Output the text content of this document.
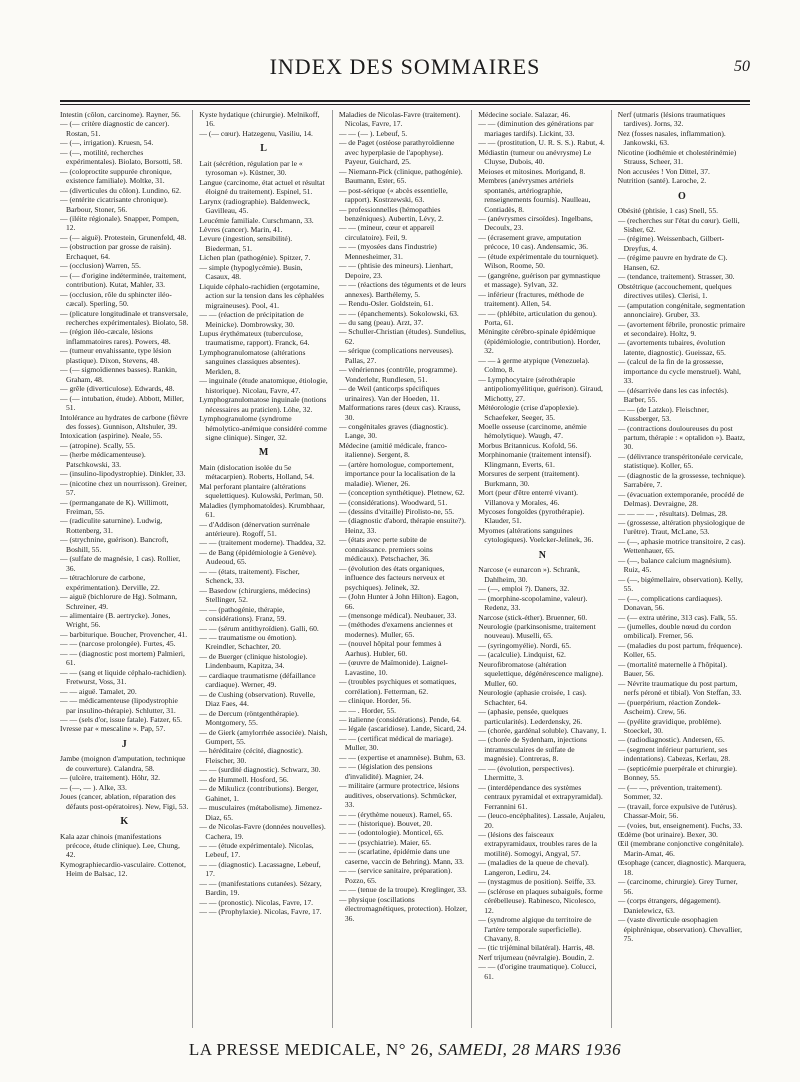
INDEX DES SOMMAIRES	50

Intestin (côlon, carcinome). Rayner, 56.

— (— critère diagnostic de cancer). Rostan, 51.

— (—, irrigation). Kruesn, 54.

— (—, motilité, recherches expérimentales). Biolato, Borsotti, 58.

— (coloproctite suppurée chronique, existence familiale). Moltke, 31.

— (diverticules du côlon). Lundino, 62.

— (entérite cicatrisante chronique). Barbour, Stoner, 56.

— (iléite régionale). Snapper, Pompen, 12.

— (— aiguë). Protestein, Grunenfeld, 48.

— (obstruction par grosse de raisin). Erchaquet, 64.

— (occlusion) Warren, 55.

— (— d'origine indéterminée, traitement, contribution). Kutat, Mahler, 33.

— (occlusion, rôle du sphincter iléo-cæcal). Sperling, 50.

— (plicature longitudinale et transversale, recherches expérimentales). Biolato, 58.

— (région iléo-cæcale, lésions inflammatoires rares). Powers, 48.

— (tumeur envahissante, type lésion plastique). Dixon, Stevens, 48.

— (— sigmoïdiennes basses). Rankin, Graham, 48.

— grêle (diverticulose). Edwards, 48.

— (— intubation, étude). Abbott, Miller, 51.

Intolérance au hydrates de carbone (fièvre des fosses). Gunnison, Altshuler, 39.

Intoxication (aspirine). Neale, 55.

— (atropine). Scally, 55.

— (herbe médicamenteuse). Patschkowski, 33.

— (insulino-lipodystrophie). Dinkler, 33.

— (nicotine chez un nourrisson). Greiner, 57.

— (permanganate de K). Willimott, Freiman, 55.

— (radiculite saturnine). Ludwig, Rottenberg, 31.

— (strychnine, guérison). Bancroft, Boshill, 55.

— (sulfate de magnésie, 1 cas). Rollier, 36.

— tétrachlorure de carbone, expérimentation). Derville, 22.

— aiguë (bichlorure de Hg). Solmann, Schreiner, 49.

— alimentaire (B. aertrycke). Jones, Wright, 56.

— barbiturique. Boucher, Provencher, 41.

— — (narcose prolongée). Furtes, 45.

— — (diagnostic post mortem) Palmieri, 61.

— — (sang et liquide céphalo-rachidien). Fretwurst, Voss, 31.

— — aiguë. Tamalet, 20.

— — médicamenteuse (lipodystrophie par insulino-thérapie). Schlutter, 31.

— — (sels d'or, issue fatale). Fatzer, 65.

Ivresse par « mescaline ». Pap, 57.

J

Jambe (moignon d'amputation, technique de couverture). Calandra, 58.

— (ulcère, traitement). Höhr, 32.

— (—, — ). Alke, 33.

Joues (cancer, ablation, réparation des défauts post-opératoires). New, Figi, 53.

K

Kala azar chinois (manifestations précoce, étude clinique). Lee, Chung, 42.

Kymographiecardio-vasculaire. Cottenot, Heim de Balsac, 12.

Kyste hydatique (chirurgie). Melnikoff, 16.

— (— cœur). Hatzegenu, Vasiliu, 14.

L

Lait (sécrétion, régulation par le « tyrosoman »). Küstner, 30.

Langue (carcinome, état actuel et résultat éloigné du traitement). Espinel, 51.

Larynx (radiographie). Baldenweck, Gavilleau, 45.

Leucémie familiale. Curschmann, 33.

Lèvres (cancer). Marin, 41.

Levure (ingestion, sensibilité). Biederman, 51.

Lichen plan (pathogénie). Spitzer, 7.

— simple (hypoglycémie). Busin, Casaux, 48.

Liquide céphalo-rachidien (ergotamine, action sur la tension dans les céphalées migraineuses). Pool, 41.

— — (réaction de précipitation de Meinicke). Dombrowsky, 30.

Lupus érythémateux (tuberculose, traumatisme, rapport). Franck, 64.

Lymphogranulomatose (altérations sanguines classiques absentes). Merklen, 8.

— inguinale (étude anatomique, étiologie, historique). Nicolau, Favre, 47.

Lymphogranulomatose inguinale (notions nécessaires au praticien). Löhe, 32.

Lymphogranulome (syndrome hémolytico-anémique considéré comme signe clinique). Singer, 32.

M

Main (dislocation isolée du 5e métacarpien). Roberts, Holland, 54.

Mal perforant plantaire (altérations squelettiques). Kulowski, Perlman, 50.

Maladies (lymphomatoïdes). Krumbhaar, 61.

— d'Addison (dénervation surrénale antérieure). Rogoff, 51.

— — (traitement moderne). Thaddea, 32.

— de Bang (épidémiologie à Genève). Audeoud, 65.

— — (états, traitement). Fischer, Schenck, 33.

— Basedow (chirurgiens, médecins) Stellinger, 52.

— — (pathogénie, thérapie, considérations). Franz, 59.

— — (sérum antithyroïdien). Galli, 60.

— — traumatisme ou émotion). Kreindler, Schachter, 20.

— de Buerger (clinique histologie). Lindenbaum, Kapitza, 34.

— cardiaque traumatisme (défaillance cardiaque). Werner, 49.

— de Cushing (observation). Ruvelle, Diaz Faes, 44.

— de Dercum (röntgenthérapie). Montgomery, 55.

— de Gierk (amylorrhée associée). Naish, Gumpert, 55.

— héréditaire (cécité, diagnostic). Fleischer, 30.

— — (surdité diagnostic). Schwarz, 30.

— de Hummell. Hosford, 56.

— de Mikulicz (contributions). Berger, Gahinet, 1.

— musculaires (métabolisme). Jimenez-Diaz, 65.

— de Nicolas-Favre (données nouvelles). Cachera, 19.

— — (étude expérimentale). Nicolas, Lebeuf, 17.

— — (diagnostic). Lacassagne, Lebeuf, 17.

— — (manifestations cutanées). Sézary, Bardin, 19.

— — (pronostic). Nicolas, Favre, 17.

— — (Prophylaxie). Nicolas, Favre, 17.

Maladies de Nicolas-Favre (traitement). Nicolas, Favre, 17.

— — (— ). Lebeuf, 5.

— de Paget (ostéose parathyroïdienne avec hyperplasie de l'apophyse). Payeur, Guichard, 25.

— Niemann-Pick (clinique, pathogénie). Baumann, Ester, 65.

— post-sérique (« abcès essentielle, rapport). Kostrzewski, 63.

— professionnelles (hémopathies benzéniques). Aubertin, Lévy, 2.

— — (mineur, cœur et appareil circulatoire). Feil, 9.

— — (myosées dans l'industrie) Mennesheimer, 31.

— — (phtisie des mineurs). Lienhart, Depoire, 23.

— — (réactions des téguments et de leurs annexes). Barthélemy, 5.

— Rendu-Osler. Goldstein, 61.

— — (épanchements). Sokolowski, 63.

— du sang (peau). Arzt, 37.

— Schuller-Christian (études). Sundelius, 62.

— sérique (complications nerveuses). Pallas, 27.

— vénériennes (contrôle, programme). Vonderlehr, Rundlesen, 51.

— de Weil (anticorps spécifiques urinaires). Van der Hoeden, 11.

Malformations rares (deux cas). Krauss, 30.

— congénitales graves (diagnostic). Lange, 30.

Médecine (amitié médicale, franco-italienne). Sergent, 8.

— (artère homologue, comportement, importance pour la localisation de la maladie). Wiener, 26.

— (conception synthétique). Pletnew, 62.

— (considérations). Woodward, 51.

— (dessins d'vitaille) Pirolisto-ne, 55.

— (diagnostic d'abord, thérapie ensuite?). Heinz, 33.

— (états avec perte subite de connaissance. premiers soins médicaux). Petschacher, 36.

— (évolution des états organiques, influence des facteurs nerveux et psychiques). Jelinek, 32.

— (John Hunter à John Hilton). Eagon, 66.

— (mensonge médical). Neubauer, 33.

— (méthodes d'examens anciennes et modernes). Muller, 65.

— (nouvel hôpital pour femmes à Aarhus). Hubler, 60.

— (œuvre de Maïmonide). Laignel-Lavastine, 10.

— (troubles psychiques et somatiques, corrélation). Fetterman, 62.

— clinique. Horder, 56.

— — . Horder, 55.

— italienne (considérations). Pende, 64.

— légale (ascaridiose). Lande, Sicard, 24.

— — (certificat médical de mariage). Muller, 30.

— — (expertise et anamnèse). Buhm, 63.

— — (législation des pensions d'invalidité). Magnier, 24.

— militaire (armure protectrice, lésions auditives, observations). Schmücker, 33.

— — (érythème noueux). Ramel, 65.

— — (historique). Bouvet, 20.

— — (odontologie). Monticel, 65.

— — (psychiatrie). Maier, 65.

— — (scarlatine, épidémie dans une caserne, vaccin de Behring). Mann, 33.

— — (service sanitaire, préparation). Pozzo, 65.

— — (tenue de la troupe). Kreglinger, 33.

— physique (oscillations électromagnétiques, protection). Holzer, 36.

Médecine sociale. Salazar, 46.

— — (diminution des générations par mariages tardifs). Lickint, 33.

— — (prostitution, U. R. S. S.). Rabut, 4.

Médiastin (tumeur ou anévrysme) Le Cluyse, Dubois, 40.

Meioses et mitosines. Morigand, 8.

Membres (anévrysmes artériels spontanés, artériographie, renseignements fournis). Naulleau, Contiadès, 8.

— (anévrysmes cirsoïdes). Ingelbans, Decoulx, 23.

— (écrasement grave, amputation précoce, 10 cas). Andensamic, 36.

— (étude expérimentale du tourniquet). Wilson, Roome, 50.

— (gangrène, guérison par gymnastique et massage). Sylvan, 32.

— inférieur (fractures, méthode de traitement). Allen, 54.

— — (phlébite, articulation du genou). Porta, 61.

Méningite cérébro-spinale épidémique (épidémiologie, contribution). Horder, 32.

— — à germe atypique (Venezuela). Colmo, 8.

— Lymphocytaire (sérothérapie antipoliomyélitique, guérison). Giraud, Michotty, 27.

Météorologie (crise d'apoplexie). Schaefeker, Seeger, 35.

Moelle osseuse (carcinome, anémie hémolytique). Waugh, 47.

Morbus Britannicus. Kofold, 56.

Morphinomanie (traitement intensif). Klingmann, Everts, 61.

Morsures de serpent (traitement). Burkmann, 30.

Mort (peur d'être enterré vivant). Villanova y Morales, 46.

Mycoses fongoïdes (pyrothérapie). Klauder, 51.

Myomes (altérations sanguines cytologiques). Voelcker-Jelinek, 36.

N

Narcose (« eunarcon »). Schrank, Dahlheim, 30.

— (—, emploi ?). Daners, 32.

— (morphine-scopolamine, valeur). Redenz, 33.

Narcose (stick-éther). Bruenner, 60.

Neurologie (parkinsonisme, traitement nouveau). Muselli, 65.

— (syringomyélie). Nordi, 65.

— (acalculie). Lindquist, 62.

Neurofibromatose (altération squelettique, dégénérescence maligne). Muller, 60.

Neurologie (aphasie croisée, 1 cas). Schachter, 64.

— (aphasie, pensée, quelques particularités). Lederdensky, 26.

— (chorée, gardénal soluble). Chavany, 1.

— (chorée de Sydenham, injections intramusculaires de sulfate de magnésie). Contreras, 8.

— — (évolution, perspectives). Lhermitte, 3.

— (interdépendance des systèmes centraux pyramidal et extrapyramidal). Ferrannini 61.

— (leuco-encéphalites). Lassale, Aujaleu, 20.

— (lésions des faisceaux extrapyramidaux, troubles rares de la motilité). Somogyi, Angyal, 57.

— (maladies de la queue de cheval). Langeron, Lediru, 24.

— (nystagmus de position). Seiffe, 33.

— (sclérose en plaques subaiguës, forme cérébelleuse). Rabinesco, Nicolesco, 12.

— (syndrome algique du territoire de l'artère temporale superficielle). Chavany, 8.

— (tic trijéminal bilatéral). Harris, 48.

Nerf trijumeau (névralgie). Boudin, 2.

— — (d'origine traumatique). Colucci, 61.

Nerf (utmaris (lésions traumatiques tardives). Jorns, 32.

Nez (fosses nasales, inflammation). Jankowski, 63.

Nicotine (iodhémie et cholestérinémie) Strauss, Scheer, 31.

Non accusées ! Von Dittel, 37.

Nutrition (santé). Laroche, 2.

O

Obésité (phtisie, 1 cas) Snell, 55.

— (recherches sur l'état du cœur). Gelli, Sisher, 62.

— (régime). Weissenbach, Gilbert-Dreyfus, 4.

— (régime pauvre en hydrate de C). Hansen, 62.

— (tendance, traitement). Strasser, 30.

Obstétrique (accouchement, quelques directives utiles). Clerisi, 1.

— (amputation congénitale, segmentation annonciaire). Gruber, 33.

— (avortement fébrile, pronostic primaire et secondaire). Holtz, 9.

— (avortements tubaires, évolution latente, diagnostic). Gueissaz, 65.

— (calcul de la fin de la grossesse, importance du cycle menstruel). Wahl, 33.

— (désarrivée dans les cas infectés). Barber, 55.

— — (de Latzko). Fleischner, Kussberger, 53.

— (contractions douloureuses du post partum, thérapie : « optalidon »). Baatz, 30.

— (délivrance transpéritonéale cervicale, statistique). Koller, 65.

— (diagnostic de la grossesse, technique). Sarrabère, 7.

— (évacuation extemporanée, procédé de Delmas). Devraigne, 28.

— — — — , résultats). Delmas, 28.

— (grossesse, altération physiologique de l'urètre). Traut, McLane, 53.

— (—, aphasie motrice transitoire, 2 cas). Wettenhauer, 65.

— (—, balance calcium magnésium). Ruiz, 45.

— (—, bigémellaire, observation). Kelly, 55.

— (—, complications cardiaques). Donavan, 56.

— (— extra utérine, 313 cas). Falk, 55.

— (jumelles, double nœud du cordon ombilical). Fremer, 56.

— (maladies du post partum, fréquence). Koller, 65.

— (mortalité maternelle à l'hôpital). Bauer, 56.

— Névrite traumatique du post partum, nerfs péroné et tibial). Von Steffan, 33.

— (puerpérium, réaction Zondek-Ascheim). Crew, 56.

— (pyélite gravidique, problème). Stoeckel, 30.

— (radiodiagnostic). Andersen, 65.

— (segment inférieur parturient, ses indentations). Cabezas, Kerlau, 28.

— (septicémie puerpérale et chirurgie). Bonney, 55.

— (— —, prévention, traitement). Sommer, 32.

— (travail, force expulsive de l'utérus). Chassar-Moir, 56.

— (voies, but, enseignement). Fuchs, 33.

Œdème (bot urinaire). Bexer, 30.

Œil (membrane conjonctive congénitale). Marin-Amat, 46.

Œsophage (cancer, diagnostic). Marquera, 18.

— (carcinome, chirurgie). Grey Turner, 56.

— (corps étrangers, dégagement). Danielewicz, 63.

— (vaste diverticule œsophagien épiphrénique, observation). Chevallier, 75.

LA PRESSE MEDICALE, N° 26, SAMEDI, 28 MARS 1936
